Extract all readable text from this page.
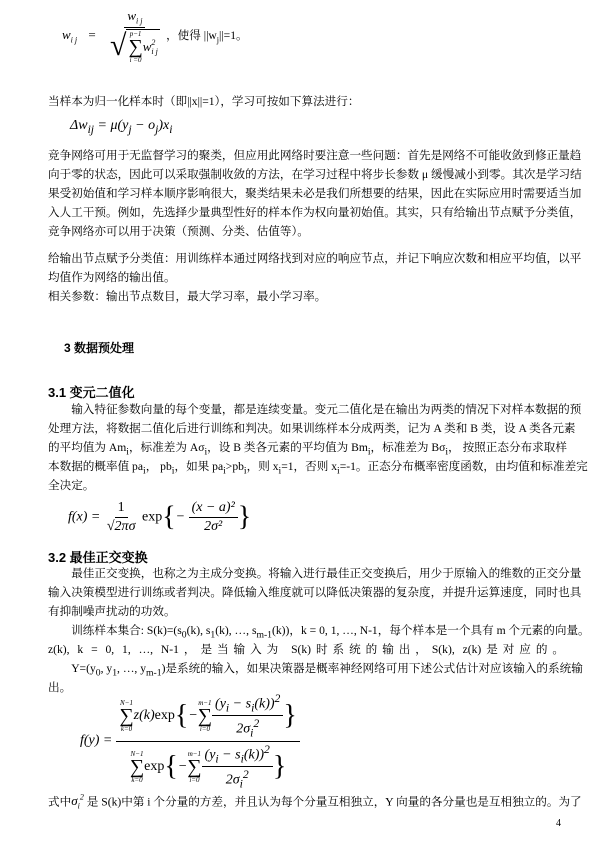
$w_{i j} = w_{i j}$
√ p−1
∑
i =0
w 2
i j ，使得 $||w_j||=1$。
当样本为归一化样本时（即||x||=1），学习可按如下算法进行：
$\Delta w_{ij} = \mu(y_j - o_j)x_i$
竞争网络可用于无监督学习的聚类，但应用此网络时要注意一些问题：首先是网络不可能收敛到修正量趋
向于零的状态，因此可以采取强制收敛的方法，在学习过程中将步长参数 μ 缓慢减小到零。其次是学习结
果受初始值和学习样本顺序影响很大，聚类结果未必是我们所想要的结果，因此在实际应用时需要适当加
入人工干预。例如，先选择少量典型性好的样本作为权向量初始值。其实，只有给输出节点赋予分类值，
竞争网络亦可以用于决策（预测、分类、估值等）。
给输出节点赋予分类值：用训练样本通过网络找到对应的响应节点，并记下响应次数和相应平均值，以平
均值作为网络的输出值。
相关参数：输出节点数目，最大学习率，最小学习率。
3 数据预处理
3.1 变元二值化
　　输入特征参数向量的每个变量，都是连续变量。变元二值化是在输出为两类的情况下对样本数据的预
处理方法，将数据二值化后进行训练和判决。如果训练样本分成两类，记为 A 类和 B 类，设 A 类各元素
的平均值为 $Am_i$，标准差为 $A\sigma_i$，设 B 类各元素的平均值为 $Bm_i$，标准差为 $B\sigma_i$， 按照正态分布求取样
本数据的概率值 $pa_i$， $pb_i$，如果 $pa_i>pb_i$，则 $x_i=1$，否则 $x_i=-1$。正态分布概率密度函数，由均值和标准差完
全决定。
$f(x) = \frac{1}{√2\pi\sigma} \exp\{- \frac{\text{(x − a)²}}{\text{2σ²}}$ }
3.2 最佳正交变换
　　最佳正交变换，也称之为主成分变换。将输入进行最佳正交变换后，用少于原输入的维数的正交分量
输入决策模型进行训练或者判决。降低输入维度就可以降低决策器的复杂度，并提升运算速度，同时也具
有抑制噪声扰动的功效。
　　训练样本集合: $S(k)=(s_0(k)$, $s_1(k)$, …, $s_{m-1}(k)$)，k = 0, 1, …, N-1，每个样本是一个具有 m 个元素的向量。
z(k), k = 0, 1, …, N-1，是当输入为 S(k)时系统的输出，S(k), z(k)是对应的。
　　$Y=(y_0$, $y_1$, …, $y_{m-1}$)是系统的输入，如果决策器是概率神经网络可用下述公式估计对应该输入的系统输
出。
f(y) =
N−1
∑
k=0
z(k) exp { −
m−1
∑
$i=0 \frac{(y_i - s_i(k))^2}{2\sigma_i^2}$ }
N−1
∑
k=0
exp { −
m−1
∑
$i=0 \frac{(y_i - s_i(k))^2}{2\sigma_i^2}$ }
式中$\sigma_i^2$ 是 S(k)中第 i 个分量的方差，并且认为每个分量互相独立，Y 向量的各分量也是互相独立的。为了
4
